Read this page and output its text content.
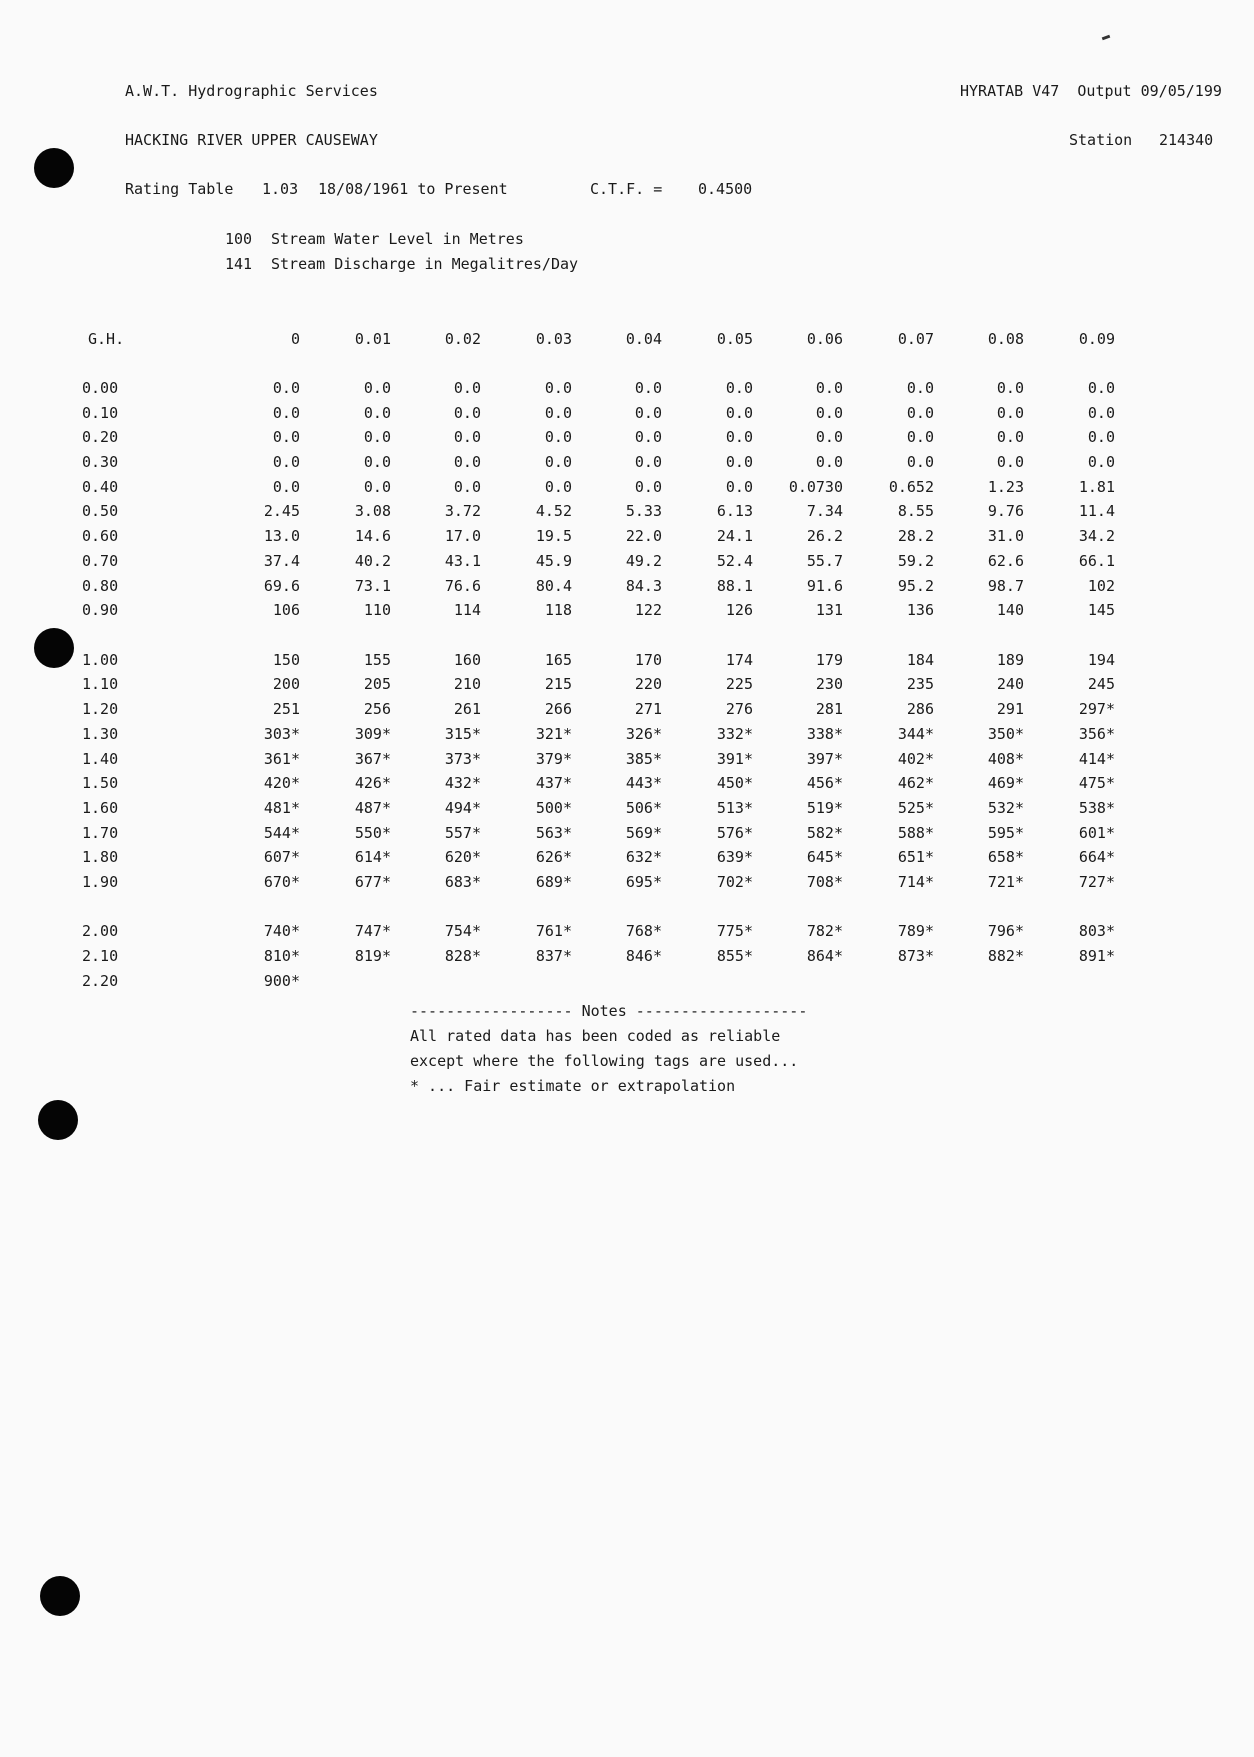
A.W.T. Hydrographic Services	HYRATAB V47  Output 09/05/199
HACKING RIVER UPPER CAUSEWAY	Station 214340
Rating Table 1.03 18/08/1961 to Present	C.T.F. = 0.4500
100 Stream Water Level in Metres
141 Stream Discharge in Megalitres/Day
G.H.	0	0.01	0.02	0.03	0.04	0.05	0.06	0.07	0.08	0.09
0.00	0.0	0.0	0.0	0.0	0.0	0.0	0.0	0.0	0.0	0.0
0.10	0.0	0.0	0.0	0.0	0.0	0.0	0.0	0.0	0.0	0.0
0.20	0.0	0.0	0.0	0.0	0.0	0.0	0.0	0.0	0.0	0.0
0.30	0.0	0.0	0.0	0.0	0.0	0.0	0.0	0.0	0.0	0.0
0.40	0.0	0.0	0.0	0.0	0.0	0.0	0.0730	0.652	1.23	1.81
0.50	2.45	3.08	3.72	4.52	5.33	6.13	7.34	8.55	9.76	11.4
0.60	13.0	14.6	17.0	19.5	22.0	24.1	26.2	28.2	31.0	34.2
0.70	37.4	40.2	43.1	45.9	49.2	52.4	55.7	59.2	62.6	66.1
0.80	69.6	73.1	76.6	80.4	84.3	88.1	91.6	95.2	98.7	102
0.90	106	110	114	118	122	126	131	136	140	145
1.00	150	155	160	165	170	174	179	184	189	194
1.10	200	205	210	215	220	225	230	235	240	245
1.20	251	256	261	266	271	276	281	286	291	297*
1.30	303*	309*	315*	321*	326*	332*	338*	344*	350*	356*
1.40	361*	367*	373*	379*	385*	391*	397*	402*	408*	414*
1.50	420*	426*	432*	437*	443*	450*	456*	462*	469*	475*
1.60	481*	487*	494*	500*	506*	513*	519*	525*	532*	538*
1.70	544*	550*	557*	563*	569*	576*	582*	588*	595*	601*
1.80	607*	614*	620*	626*	632*	639*	645*	651*	658*	664*
1.90	670*	677*	683*	689*	695*	702*	708*	714*	721*	727*
2.00	740*	747*	754*	761*	768*	775*	782*	789*	796*	803*
2.10	810*	819*	828*	837*	846*	855*	864*	873*	882*	891*
2.20	900*
------------------ Notes -------------------
All rated data has been coded as reliable
except where the following tags are used...
* ... Fair estimate or extrapolation
